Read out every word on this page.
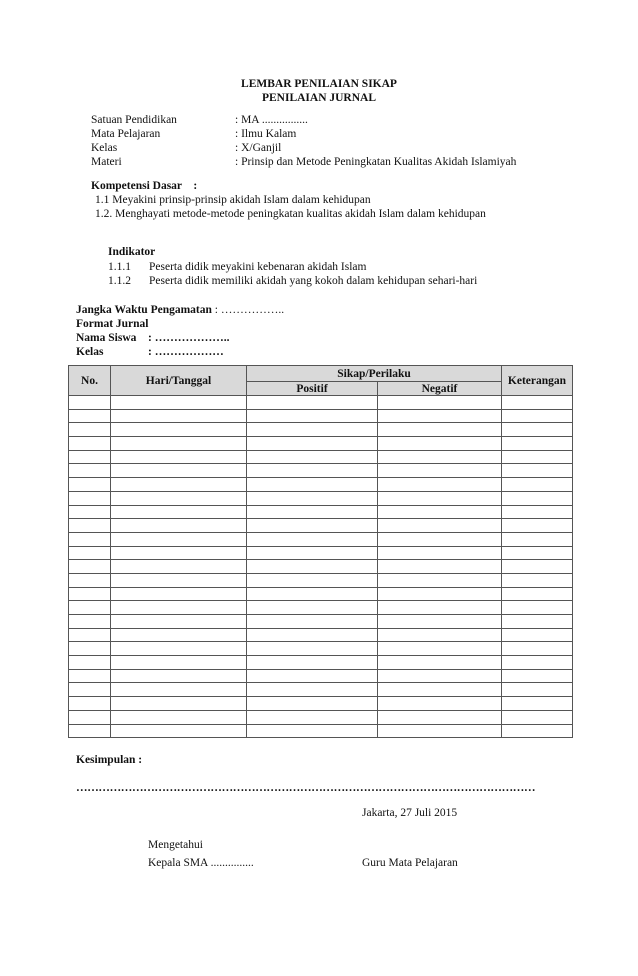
LEMBAR PENILAIAN SIKAP
PENILAIAN JURNAL
Satuan Pendidikan	: MA ................
Mata Pelajaran	: Ilmu Kalam
Kelas	: X/Ganjil
Materi	: Prinsip dan Metode Peningkatan Kualitas Akidah Islamiyah
Kompetensi Dasar    :
1.1 Meyakini prinsip-prinsip akidah Islam dalam kehidupan
1.2. Menghayati metode-metode peningkatan kualitas akidah Islam dalam kehidupan
Indikator
1.1.1 Peserta didik meyakini kebenaran akidah Islam
1.1.2 Peserta didik memiliki akidah yang kokoh dalam kehidupan sehari-hari
Jangka Waktu Pengamatan : ……………..
Format Jurnal
Nama Siswa : ………………..
Kelas	: ………………
No.	Hari/Tanggal	Sikap/Perilaku		Keterangan
		Positif	Negatif	

Kesimpulan :
……………………………………………………………………………………………………………
Jakarta, 27 Juli 2015
Mengetahui
Kepala SMA ...............	Guru Mata Pelajaran
